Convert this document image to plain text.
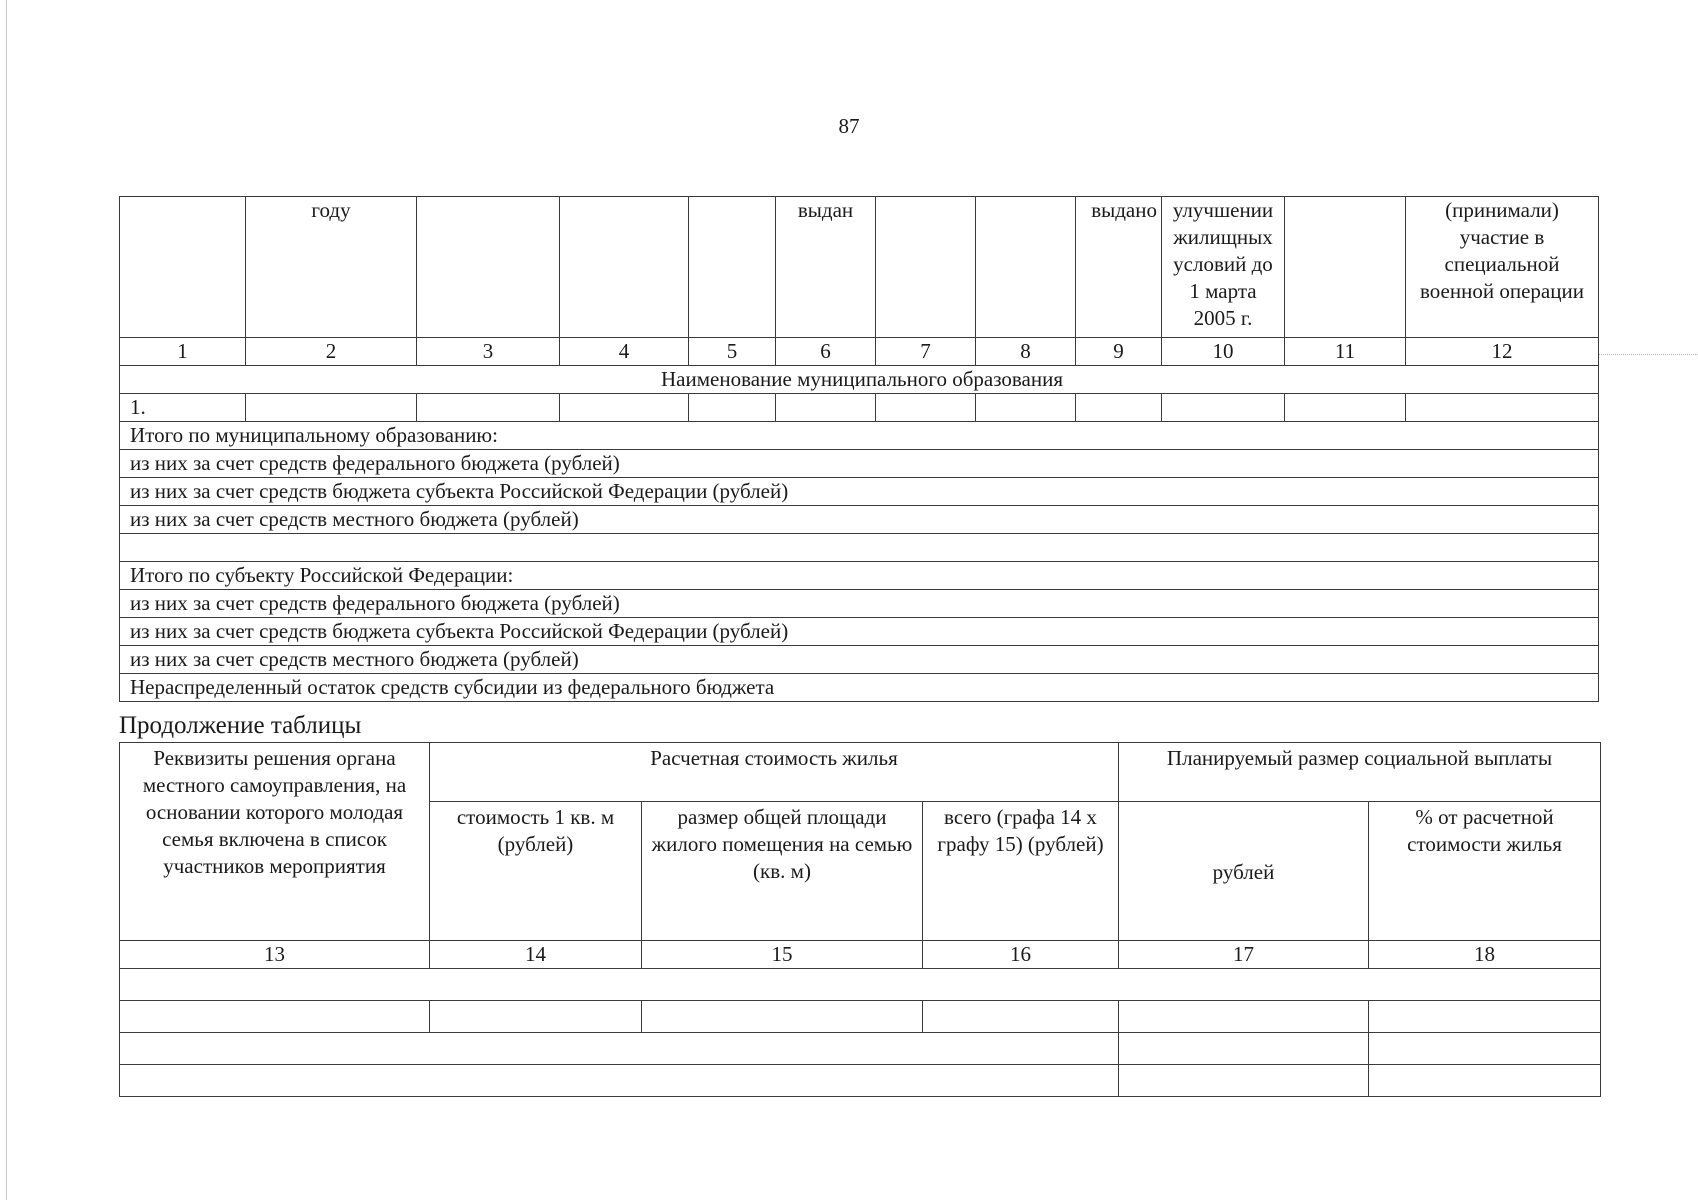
87
	году				выдан			выдано	улучшении жилищных условий до 1 марта 2005 г.		(принимали) участие в специальной военной операции
1	2	3	4	5	6	7	8	9	10	11	12
Наименование муниципального образования											
1.											
Итого по муниципальному образованию:											
из них за счет средств федерального бюджета (рублей)											
из них за счет средств бюджета субъекта Российской Федерации (рублей)											
из них за счет средств местного бюджета (рублей)											

Итого по субъекту Российской Федерации:											
из них за счет средств федерального бюджета (рублей)											
из них за счет средств бюджета субъекта Российской Федерации (рублей)											
из них за счет средств местного бюджета (рублей)											
Нераспределенный остаток средств субсидии из федерального бюджета											
Продолжение таблицы
Реквизиты решения органа местного самоуправления, на основании которого молодая семья включена в список участников мероприятия	Расчетная стоимость жилья			Планируемый размер социальной выплаты	
	стоимость 1 кв. м (рублей)	размер общей площади жилого помещения на семью (кв. м)	всего (графа 14 x графу 15) (рублей)	рублей	% от расчетной стоимости жилья
13	14	15	16	17	18
